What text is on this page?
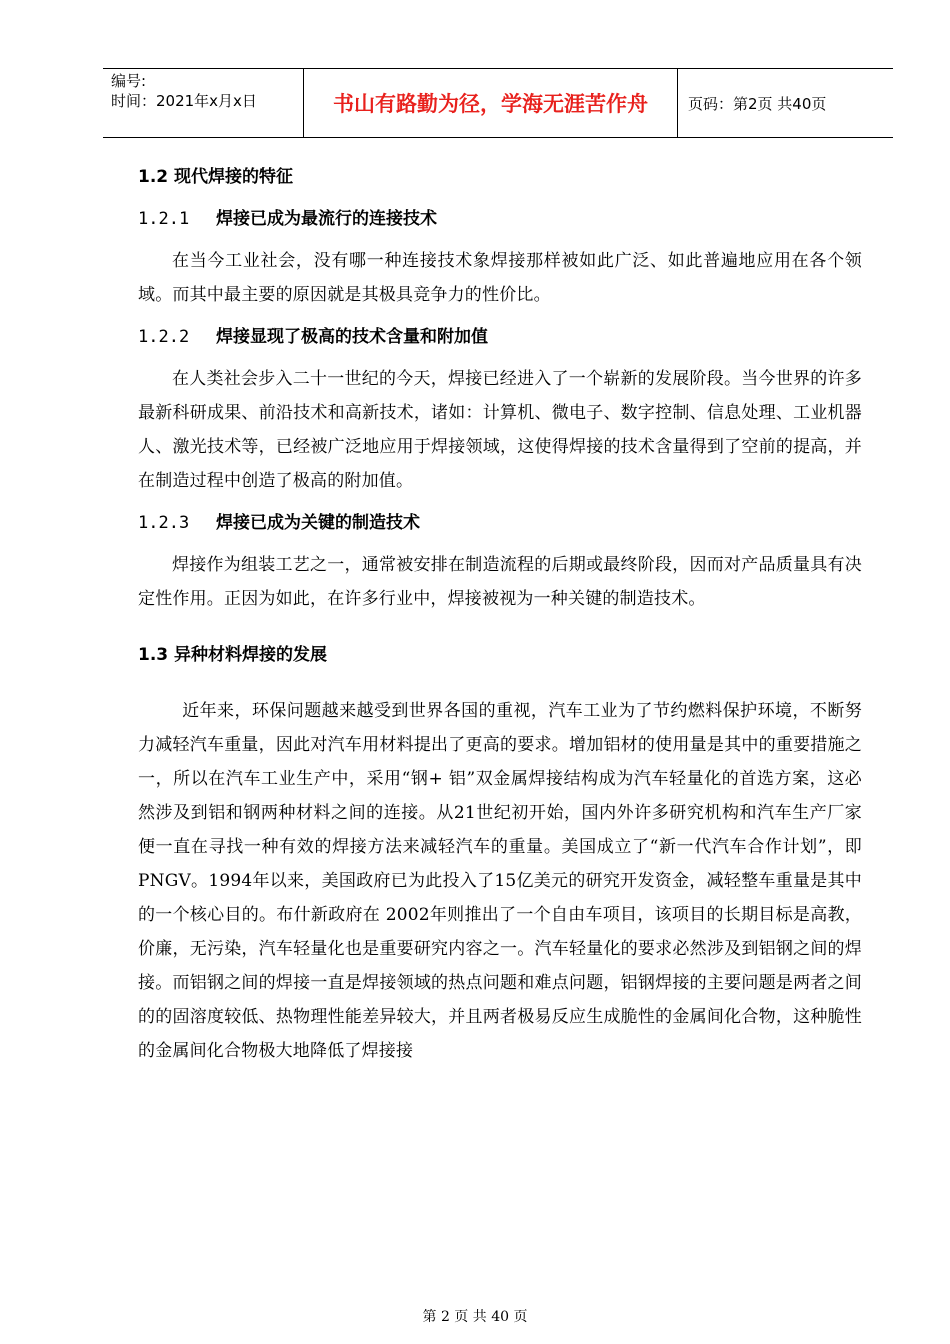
编号:
时间：2021年x月x日	书山有路勤为径，学海无涯苦作舟	页码：第2页 共40页
1.2 现代焊接的特征
1.2.1 焊接已成为最流行的连接技术

在当今工业社会，没有哪一种连接技术象焊接那样被如此广泛、如此普遍地应用在各个领域。而其中最主要的原因就是其极具竞争力的性价比。

1.2.2 焊接显现了极高的技术含量和附加值

在人类社会步入二十一世纪的今天，焊接已经进入了一个崭新的发展阶段。当今世界的许多最新科研成果、前沿技术和高新技术，诸如：计算机、微电子、数字控制、信息处理、工业机器人、激光技术等，已经被广泛地应用于焊接领域，这使得焊接的技术含量得到了空前的提高，并在制造过程中创造了极高的附加值。

1.2.3 焊接已成为关键的制造技术

焊接作为组装工艺之一，通常被安排在制造流程的后期或最终阶段，因而对产品质量具有决定性作用。正因为如此，在许多行业中，焊接被视为一种关键的制造技术。

1.3 异种材料焊接的发展

近年来，环保问题越来越受到世界各国的重视，汽车工业为了节约燃料保护环境，不断努力减轻汽车重量，因此对汽车用材料提出了更高的要求。增加铝材的使用量是其中的重要措施之一，所以在汽车工业生产中，采用“钢+ 铝”双金属焊接结构成为汽车轻量化的首选方案，这必然涉及到铝和钢两种材料之间的连接。从21世纪初开始，国内外许多研究机构和汽车生产厂家便一直在寻找一种有效的焊接方法来减轻汽车的重量。美国成立了“新一代汽车合作计划”，即PNGV。1994年以来，美国政府已为此投入了15亿美元的研究开发资金，减轻整车重量是其中的一个核心目的。布什新政府在 2002年则推出了一个自由车项目，该项目的长期目标是高教，价廉，无污染，汽车轻量化也是重要研究内容之一。汽车轻量化的要求必然涉及到铝钢之间的焊接。而铝钢之间的焊接一直是焊接领域的热点问题和难点问题，铝钢焊接的主要问题是两者之间的的固溶度较低、热物理性能差异较大，并且两者极易反应生成脆性的金属间化合物，这种脆性的金属间化合物极大地降低了焊接接

第 2 页 共 40 页
